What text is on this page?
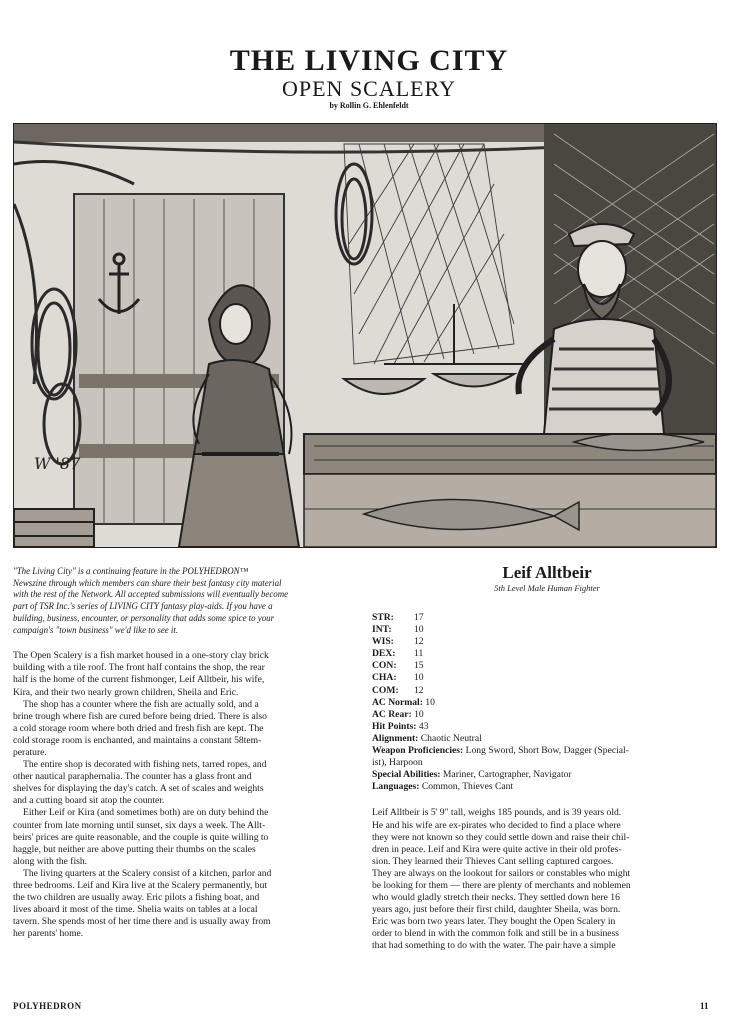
THE LIVING CITY
OPEN SCALERY
by Rollin G. Ehlenfeldt
W '87
"The Living City" is a continuing feature in the POLYHEDRON™
Newszine through which members can share their best fantasy city material
with the rest of the Network. All accepted submissions will eventually become
part of TSR Inc.'s series of LIVING CITY fantasy play-aids. If you have a
building, business, encounter, or personality that adds some spice to your
campaign's "town business" we'd like to see it.
The Open Scalery is a fish market housed in a one-story clay brick
building with a tile roof. The front half contains the shop, the rear
half is the home of the current fishmonger, Leif Alltbeir, his wife,
Kira, and their two nearly grown children, Sheila and Eric.
The shop has a counter where the fish are actually sold, and a
brine trough where fish are cured before being dried. There is also
a cold storage room where both dried and fresh fish are kept. The
cold storage room is enchanted, and maintains a constant 58tem-
perature.
The entire shop is decorated with fishing nets, tarred ropes, and
other nautical paraphernalia. The counter has a glass front and
shelves for displaying the day's catch. A set of scales and weights
and a cutting board sit atop the counter.
Either Leif or Kira (and sometimes both) are on duty behind the
counter from late morning until sunset, six days a week. The Allt-
beirs' prices are quite reasonable, and the couple is quite willing to
haggle, but neither are above putting their thumbs on the scales
along with the fish.
The living quarters at the Scalery consist of a kitchen, parlor and
three bedrooms. Leif and Kira live at the Scalery permanently, but
the two children are usually away. Eric pilots a fishing boat, and
lives aboard it most of the time. Shelia waits on tables at a local
tavern. She spends most of her time there and is usually away from
her parents' home.
Leif Alltbeir
5th Level Male Human Fighter
STR: 17
INT: 10
WIS: 12
DEX: 11
CON: 15
CHA: 10
COM: 12
AC Normal: 10
AC Rear: 10
Hit Points: 43
Alignment: Chaotic Neutral
Weapon Proficiencies: Long Sword, Short Bow, Dagger (Special-
ist), Harpoon
Special Abilities: Mariner, Cartographer, Navigator
Languages: Common, Thieves Cant
Leif Alltbeir is 5' 9" tall, weighs 185 pounds, and is 39 years old.
He and his wife are ex-pirates who decided to find a place where
they were not known so they could settle down and raise their chil-
dren in peace. Leif and Kira were quite active in their old profes-
sion. They learned their Thieves Cant selling captured cargoes.
They are always on the lookout for sailors or constables who might
be looking for them — there are plenty of merchants and noblemen
who would gladly stretch their necks. They settled down here 16
years ago, just before their first child, daughter Sheila, was born.
Eric was born two years later. They bought the Open Scalery in
order to blend in with the common folk and still be in a business
that had something to do with the water. The pair have a simple
POLYHEDRON	11
